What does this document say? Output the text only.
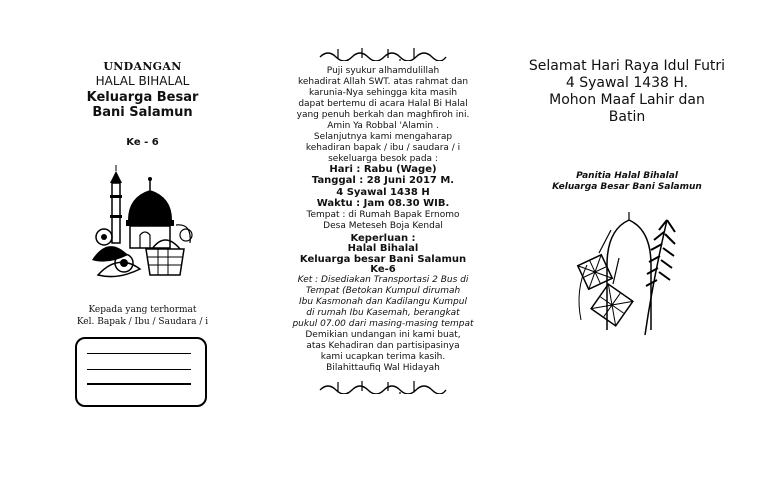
UNDANGAN
HALAL BIHALAL
Keluarga Besar
Bani Salamun
Ke - 6
Kepada yang terhormat
Kel. Bapak / Ibu / Saudara / i
Puji syukur alhamdulillah
kehadirat Allah SWT. atas rahmat dan
karunia-Nya sehingga kita masih
dapat bertemu di acara Halal Bi Halal
yang penuh berkah dan maghfiroh ini.
Amin Ya Robbal 'Alamin .
Selanjutnya kami mengaharap
kehadiran bapak / ibu / saudara / i
sekeluarga besok pada :
Hari : Rabu (Wage)
Tanggal : 28 Juni 2017 M.
4 Syawal 1438 H
Waktu : Jam 08.30 WIB.
Tempat : di Rumah Bapak Ernomo
Desa Meteseh Boja Kendal
Keperluan :
Halal Bihalal
Keluarga besar Bani Salamun
Ke-6
Ket : Disediakan Transportasi 2 Bus di
Tempat (Betokan Kumpul dirumah
Ibu Kasmonah dan Kadilangu Kumpul
di rumah Ibu Kasemah, berangkat
pukul 07.00 dari masing-masing tempat
Demikian undangan ini kami buat,
atas Kehadiran dan partisipasinya
kami ucapkan terima kasih.
Bilahittaufiq Wal Hidayah
Selamat Hari Raya Idul Futri
4 Syawal 1438 H.
Mohon Maaf Lahir dan
Batin
Panitia Halal Bihalal
Keluarga Besar Bani Salamun
